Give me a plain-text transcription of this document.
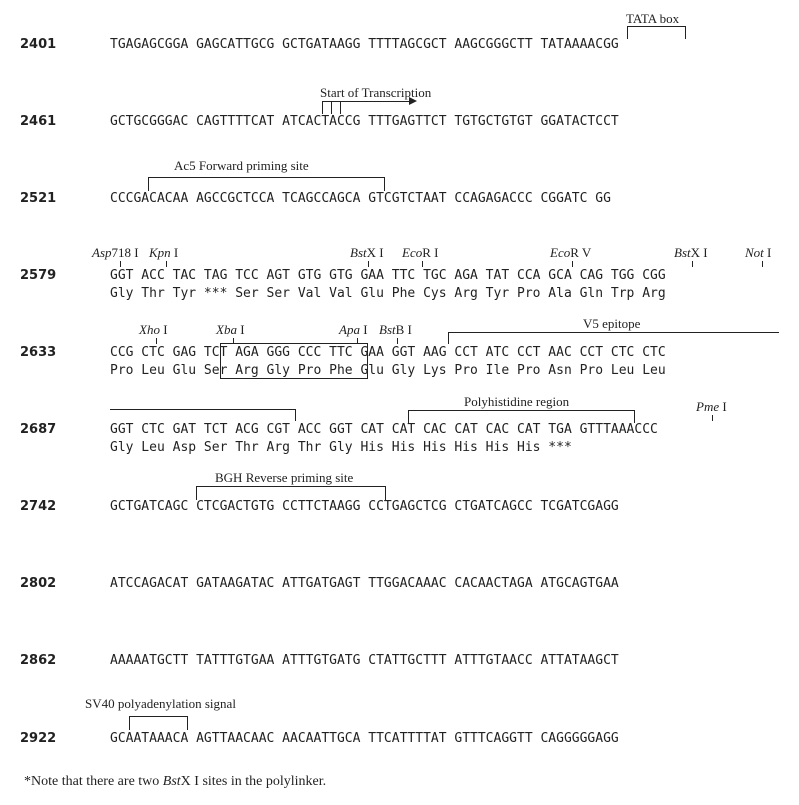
2401	TGAGAGCGGA GAGCATTGCG GCTGATAAGG TTTTAGCGCT AAGCGGGCTT TATAAAACGG
2461	GCTGCGGGAC CAGTTTTCAT ATCACTACCG TTTGAGTTCT TGTGCTGTGT GGATACTCCT
2521	CCCGACACAA AGCCGCTCCA TCAGCCAGCA GTCGTCTAAT CCAGAGACCC CGGATC GG
2579	GGT ACC TAC TAG TCC AGT GTG GTG GAA TTC TGC AGA TAT CCA GCA CAG TGG CGG
Gly Thr Tyr *** Ser Ser Val Val Glu Phe Cys Arg Tyr Pro Ala Gln Trp Arg
2633	CCG CTC GAG TCT AGA GGG CCC TTC GAA GGT AAG CCT ATC CCT AAC CCT CTC CTC
Pro Leu Glu Ser Arg Gly Pro Phe Glu Gly Lys Pro Ile Pro Asn Pro Leu Leu
2687	GGT CTC GAT TCT ACG CGT ACC GGT CAT CAT CAC CAT CAC CAT TGA GTTTAAACCC
Gly Leu Asp Ser Thr Arg Thr Gly His His His His His His ***
2742	GCTGATCAGC CTCGACTGTG CCTTCTAAGG CCTGAGCTCG CTGATCAGCC TCGATCGAGG
2802	ATCCAGACAT GATAAGATAC ATTGATGAGT TTGGACAAAC CACAACTAGA ATGCAGTGAA
2862	AAAAATGCTT TATTTGTGAA ATTTGTGATG CTATTGCTTT ATTTGTAACC ATTATAAGCT
2922	GCAATAAACA AGTTAACAAC AACAATTGCA TTCATTTTAT GTTTCAGGTT CAGGGGGAGG
TATA box
Start of Transcription
Ac5 Forward priming site
Asp718 I Kpn I	BstX I EcoR I	EcoR V	BstX I	Not I
Xho I	Xba I	Apa I BstB I	V5 epitope
Polyhistidine region	Pme I
BGH Reverse priming site
SV40 polyadenylation signal
*Note that there are two BstX I sites in the polylinker.
